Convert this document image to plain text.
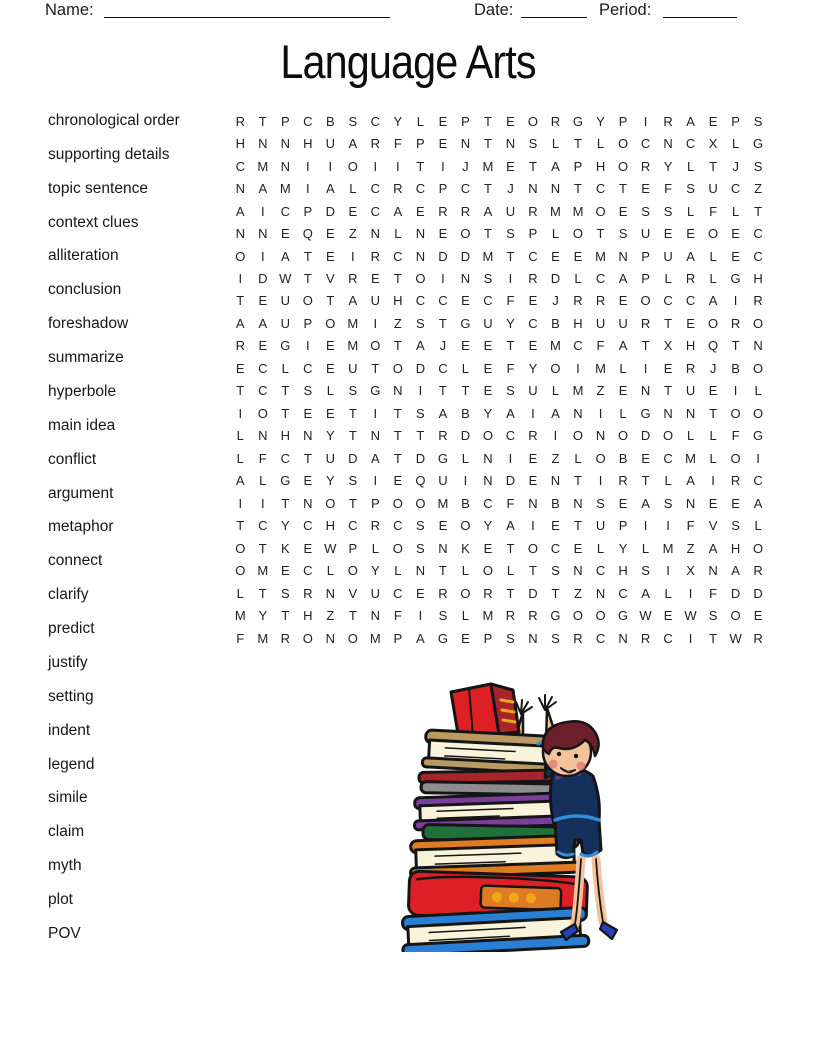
Name:	Date:	Period:
Language Arts
chronological order
supporting details
topic sentence
context clues
alliteration
conclusion
foreshadow
summarize
hyperbole
main idea
conflict
argument
metaphor
connect
clarify
predict
justify
setting
indent
legend
simile
claim
myth
plot
POV
R	T	P	C	B	S	C	Y	L	E	P	T	E	O R G	Y	P	I	R	A	E	P	S
H	N	N	H	U	A	R	F	P	E	N	T	N	S	L	T	L	O C	N	C	X	L	G
C M N	I	I	O	I	I	T	I	J	M E	T	A	P	H O R	Y	L	T	J	S
N	A M	I	A	L	C	R	C	P	C	T	J	N	N	T	C	T	E	F	S	U	C	Z
A	I	C	P	D	E	C	A	E	R	R	A	U	R M M O	E	S	S	L	F	L	T
N	N	E	Q	E	Z	N	L	N	E	O	T	S	P	L	O	T	S	U	E	E	O	E	C
O	I	A	T	E	I	R	C	N	D	D M	T	C	E	E M N	P	U	A	L	E	C
I	D W T	V	R	E	T	O	I	N	S	I	R	D	L	C	A	P	L	R	L	G H
T	E	U O	T	A	U	H	C	C	E	C	F	E	J	R	R	E	O C	C	A	I	R
A	A	U	P	O M	I	Z	S	T	G U	Y	C	B	H	U	U	R	T	E	O R O
R	E	G	I	E M O	T	A	J	E	E	T	E M C	F	A	T	X	H Q	T	N
E	C	L	C	E	U	T	O D	C	L	E	F	Y	O	I	M	L	I	E	R	J	B	O
T	C	T	S	L	S	G N	I	T	T	E	S	U	L	M	Z	E	N	T	U	E	I	L
I	O	T	E	E	T	I	T	S	A	B	Y	A	I	A	N	I	L	G N	N	T	O O
L	N	H	N	Y	T	N	T	T	R	D O C	R	I	O N O D O	L	L	F	G
L	F	C	T	U	D	A	T	D G	L	N	I	E	Z	L	O	B	E	C M	L	O	I
A	L	G	E	Y	S	I	E	Q U	I	N	D	E	N	T	I	R	T	L	A	I	R	C
I	I	T	N O	T	P	O O M B	C	F	N	B	N	S	E	A	S	N	E	E	A
T	C	Y	C	H	C	R	C	S	E	O	Y	A	I	E	T	U	P	I	I	F	V	S	L
O	T	K	E W P	L	O	S	N	K	E	T	O C	E	L	Y	L	M	Z	A	H O
O M E	C	L	O	Y	L	N	T	L	O	L	T	S	N	C	H	S	I	X	N	A	R
L	T	S	R	N	V	U	C	E	R O R	T	D	T	Z	N	C	A	L	I	F	D	D
M Y	T	H	Z	T	N	F	I	S	L	M R	R G O O G W E W S	O	E
F	M R O N O M P	A	G	E	P	S	N	S	R	C	N	R	C	I	T W R
